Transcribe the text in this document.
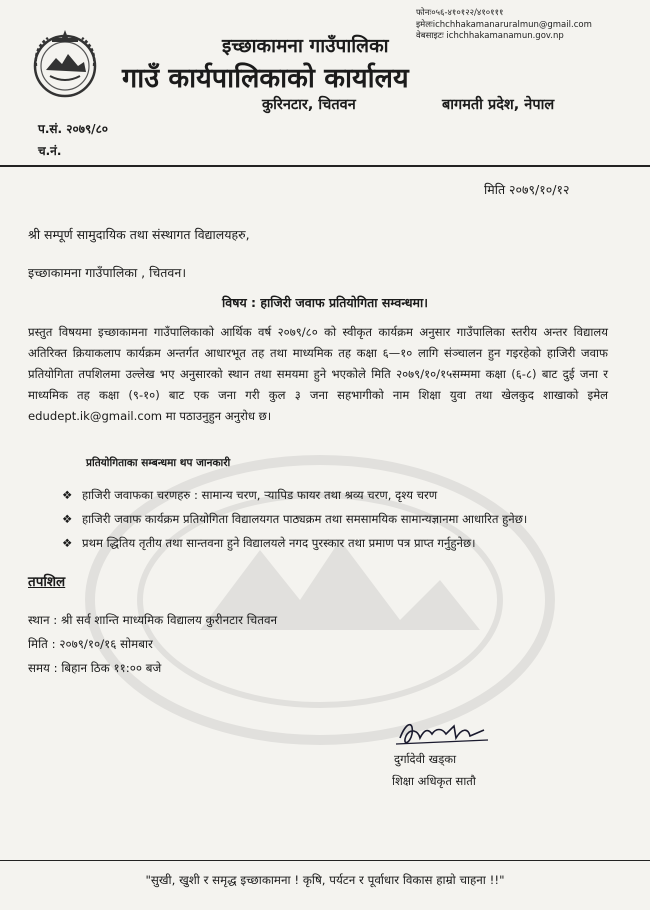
फोनः०५६-४१०१२२/४१०१११
इमेलःichchhakamanaruralmun@gmail.com
वेबसाइटः ichchhakamanamun.gov.np
इच्छाकामना गाउँपालिका
गाउँ कार्यपालिकाको कार्यालय
कुरिनटार, चितवन	बागमती प्रदेश, नेपाल
प.सं. २०७९/८०
च.नं.
मिति २०७९/१०/१२
श्री सम्पूर्ण सामुदायिक तथा संस्थागत विद्यालयहरु,
इच्छाकामना गाउँपालिका , चितवन।
विषय : हाजिरी जवाफ प्रतियोगिता सम्वन्धमा।
प्रस्तुत विषयमा इच्छाकामना गाउँपालिकाको आर्थिक वर्ष २०७९/८० को स्वीकृत कार्यक्रम अनुसार गाउँपालिका स्तरीय अन्तर विद्यालय अतिरिक्त क्रियाकलाप कार्यक्रम अन्तर्गत आधारभूत तह तथा माध्यमिक तह कक्षा ६—१० लागि संञ्चालन हुन गइरहेको हाजिरी जवाफ प्रतियोगिता तपशिलमा उल्लेख भए अनुसारको स्थान तथा समयमा हुने भएकोले मिति २०७९/१०/१५सम्ममा कक्षा (६-८) बाट दुई जना र माध्यमिक तह कक्षा (९-१०) बाट एक जना गरी कुल ३ जना सहभागीको नाम शिक्षा युवा तथा खेलकुद शाखाको इमेल edudept.ik@gmail.com मा पठाउनुहुन अनुरोध छ।
प्रतियोगिताका सम्बन्धमा थप जानकारी
❖ हाजिरी जवाफका चरणहरु : सामान्य चरण, र्‍यापिड फायर तथा श्रव्य चरण, दृश्य चरण
❖ हाजिरी जवाफ कार्यक्रम प्रतियोगिता विद्यालयगत पाठ्यक्रम तथा समसामयिक सामान्यज्ञानमा आधारित हुनेछ।
❖ प्रथम द्धितिय तृतीय तथा सान्तवना हुने विद्यालयले नगद पुरस्कार तथा प्रमाण पत्र प्राप्त गर्नुहुनेछ।
तपशिल
स्थान : श्री सर्व शान्ति माध्यमिक विद्यालय कुरीनटार चितवन
मिति : २०७९/१०/१६ सोमबार
समय : बिहान ठिक ११:०० बजे
दुर्गादेवी खड्का
शिक्षा अधिकृत सातौ
"सुखी, खुशी र समृद्ध इच्छाकामना ! कृषि, पर्यटन र पूर्वाधार विकास हाम्रो चाहना !!"
